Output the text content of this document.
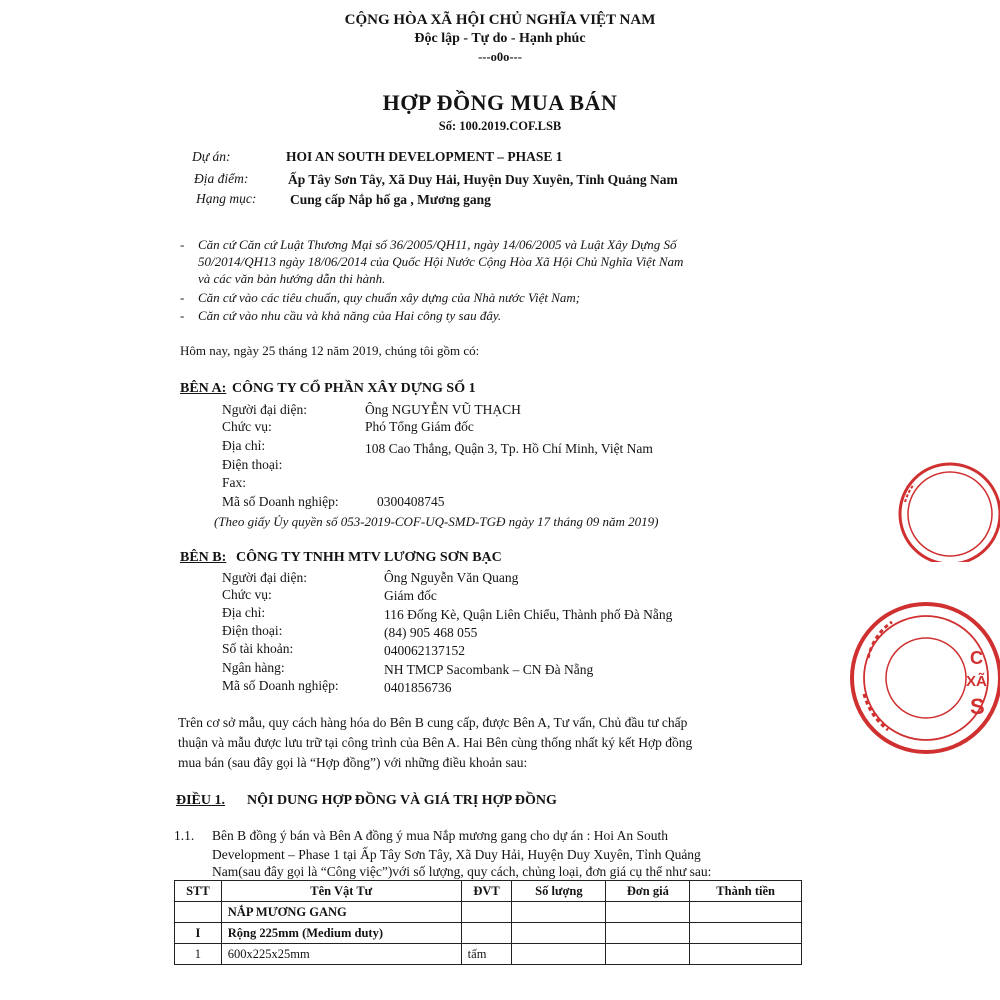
CỘNG HÒA XÃ HỘI CHỦ NGHĨA VIỆT NAM
Độc lập - Tự do - Hạnh phúc
---o0o---
HỢP ĐỒNG MUA BÁN
Số: 100.2019.COF.LSB
Dự án:	HOI AN SOUTH DEVELOPMENT – PHASE 1
Địa điểm:	Ấp Tây Sơn Tây, Xã Duy Hải, Huyện Duy Xuyên, Tỉnh Quảng Nam
Hạng mục: Cung cấp Nắp hố ga , Mương gang
- Căn cứ Căn cứ Luật Thương Mại số 36/2005/QH11, ngày 14/06/2005 và Luật Xây Dựng Số
50/2014/QH13 ngày 18/06/2014 của Quốc Hội Nước Cộng Hòa Xã Hội Chủ Nghĩa Việt Nam
và các văn bản hướng dẫn thi hành.
- Căn cứ vào các tiêu chuẩn, quy chuẩn xây dựng của Nhà nước Việt Nam;
- Căn cứ vào nhu cầu và khả năng của Hai công ty sau đây.
Hôm nay, ngày 25 tháng 12 năm 2019, chúng tôi gồm có:
BÊN A: CÔNG TY CỔ PHẦN XÂY DỰNG SỐ 1
Người đại diện:	Ông NGUYỄN VŨ THẠCH
Chức vụ:	Phó Tổng Giám đốc
Địa chỉ:	108 Cao Thắng, Quận 3, Tp. Hồ Chí Minh, Việt Nam
Điện thoại:
Fax:
Mã số Doanh nghiệp:	0300408745
(Theo giấy Ủy quyền số 053-2019-COF-UQ-SMD-TGĐ ngày 17 tháng 09 năm 2019)
BÊN B: CÔNG TY TNHH MTV LƯƠNG SƠN BẠC
Người đại diện:	Ông Nguyễn Văn Quang
Chức vụ:	Giám đốc
Địa chỉ:	116 Đống Kè, Quận Liên Chiểu, Thành phố Đà Nẵng
Điện thoại:	(84) 905 468 055
Số tài khoản:	040062137152
Ngân hàng:	NH TMCP Sacombank – CN Đà Nẵng
Mã số Doanh nghiệp:	0401856736
Trên cơ sở mẫu, quy cách hàng hóa do Bên B cung cấp, được Bên A, Tư vấn, Chủ đầu tư chấp
thuận và mẫu được lưu trữ tại công trình của Bên A. Hai Bên cùng thống nhất ký kết Hợp đồng
mua bán (sau đây gọi là “Hợp đồng”) với những điều khoản sau:
ĐIỀU 1. NỘI DUNG HỢP ĐỒNG VÀ GIÁ TRỊ HỢP ĐỒNG
1.1. Bên B đồng ý bán và Bên A đồng ý mua Nắp mương gang cho dự án : Hoi An South
Development – Phase 1 tại Ấp Tây Sơn Tây, Xã Duy Hải, Huyện Duy Xuyên, Tỉnh Quảng
Nam(sau đây gọi là “Công việc”)với số lượng, quy cách, chủng loại, đơn giá cụ thể như sau:
STT	Tên Vật Tư	ĐVT	Số lượng	Đơn giá	Thành tiền
	NẮP MƯƠNG GANG				
I	Rộng 225mm (Medium duty)				
1	600x225x25mm	tấm			
C
XÃ
S
